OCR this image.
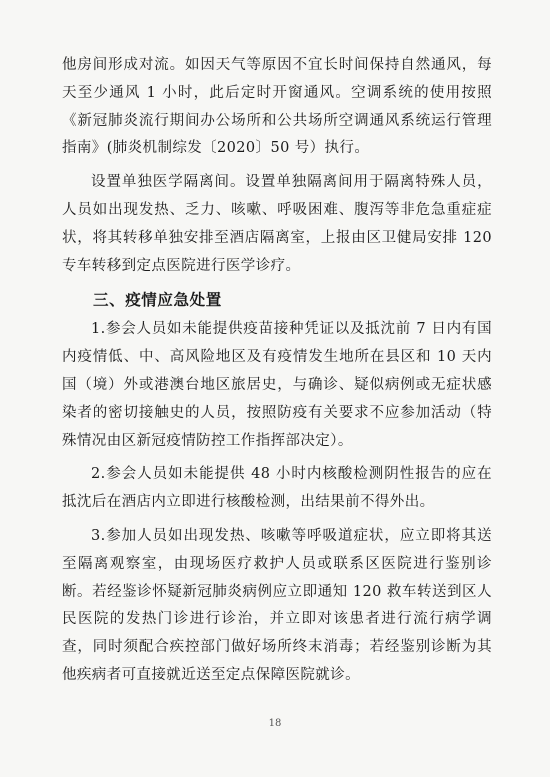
他房间形成对流。如因天气等原因不宜长时间保持自然通风，每天至少通风 1 小时，此后定时开窗通风。空调系统的使用按照《新冠肺炎流行期间办公场所和公共场所空调通风系统运行管理指南》(肺炎机制综发〔2020〕50 号）执行。

设置单独医学隔离间。设置单独隔离间用于隔离特殊人员，人员如出现发热、乏力、咳嗽、呼吸困难、腹泻等非危急重症症状，将其转移单独安排至酒店隔离室，上报由区卫健局安排 120 专车转移到定点医院进行医学诊疗。

三、疫情应急处置

1.参会人员如未能提供疫苗接种凭证以及抵沈前 7 日内有国内疫情低、中、高风险地区及有疫情发生地所在县区和 10 天内国（境）外或港澳台地区旅居史，与确诊、疑似病例或无症状感染者的密切接触史的人员，按照防疫有关要求不应参加活动（特殊情况由区新冠疫情防控工作指挥部决定）。

2.参会人员如未能提供 48 小时内核酸检测阴性报告的应在抵沈后在酒店内立即进行核酸检测，出结果前不得外出。

3.参加人员如出现发热、咳嗽等呼吸道症状，应立即将其送至隔离观察室，由现场医疗救护人员或联系区医院进行鉴别诊断。若经鉴诊怀疑新冠肺炎病例应立即通知 120 救车转送到区人民医院的发热门诊进行诊治，并立即对该患者进行流行病学调查，同时须配合疾控部门做好场所终末消毒；若经鉴别诊断为其他疾病者可直接就近送至定点保障医院就诊。

18
